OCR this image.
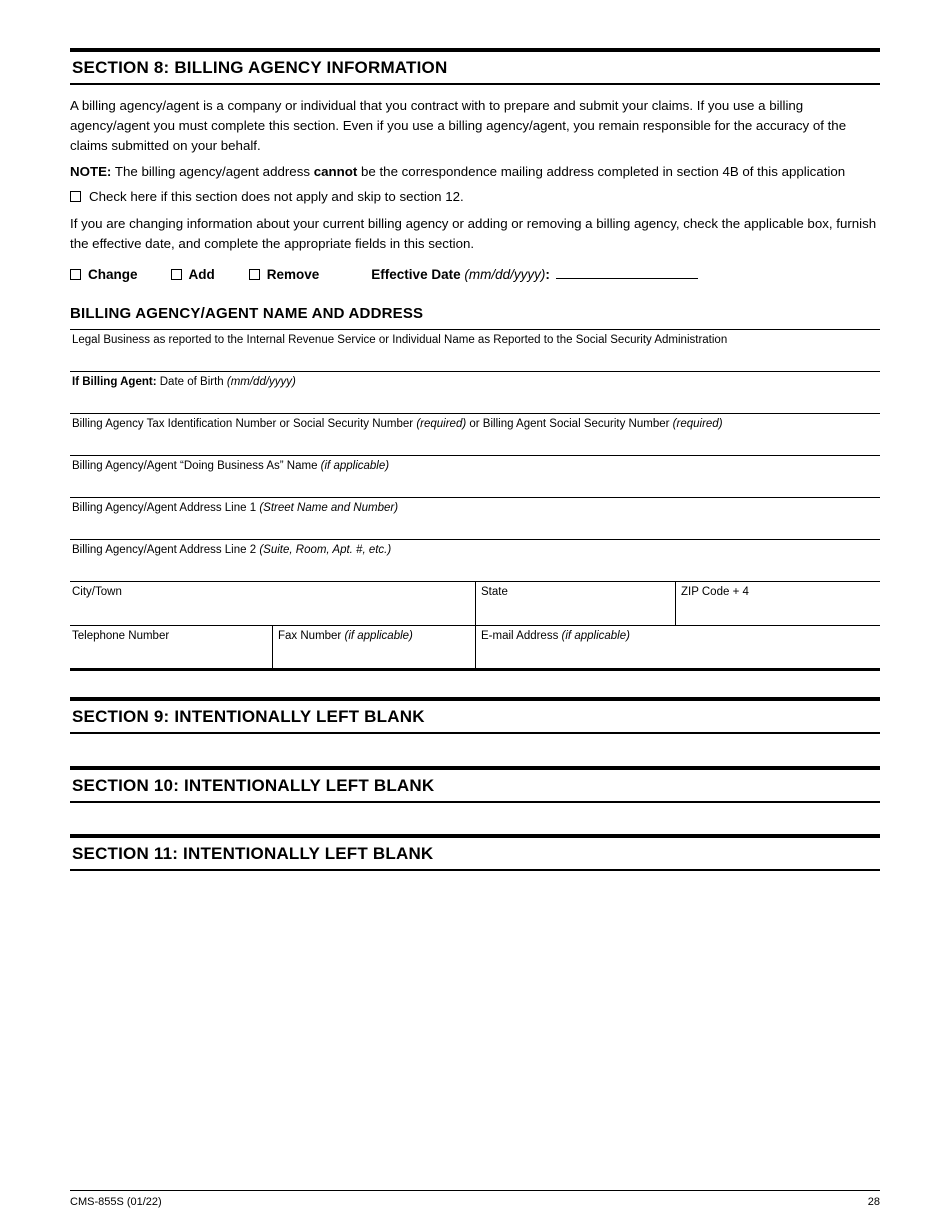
SECTION 8: BILLING AGENCY INFORMATION

A billing agency/agent is a company or individual that you contract with to prepare and submit your claims. If you use a billing agency/agent you must complete this section. Even if you use a billing agency/agent, you remain responsible for the accuracy of the claims submitted on your behalf.

NOTE: The billing agency/agent address cannot be the correspondence mailing address completed in section 4B of this application

Check here if this section does not apply and skip to section 12.

If you are changing information about your current billing agency or adding or removing a billing agency, check the applicable box, furnish the effective date, and complete the appropriate fields in this section.

Change	Add	Remove	Effective Date (mm/dd/yyyy):
BILLING AGENCY/AGENT NAME AND ADDRESS
Legal Business as reported to the Internal Revenue Service or Individual Name as Reported to the Social Security Administration
If Billing Agent: Date of Birth (mm/dd/yyyy)
Billing Agency Tax Identification Number or Social Security Number (required) or Billing Agent Social Security Number (required)
Billing Agency/Agent “Doing Business As” Name (if applicable)
Billing Agency/Agent Address Line 1 (Street Name and Number)
Billing Agency/Agent Address Line 2 (Suite, Room, Apt. #, etc.)
City/Town	State	ZIP Code + 4
Telephone Number	Fax Number (if applicable)	E-mail Address (if applicable)
SECTION 9: INTENTIONALLY LEFT BLANK
SECTION 10: INTENTIONALLY LEFT BLANK
SECTION 11: INTENTIONALLY LEFT BLANK
CMS-855S (01/22)	28
